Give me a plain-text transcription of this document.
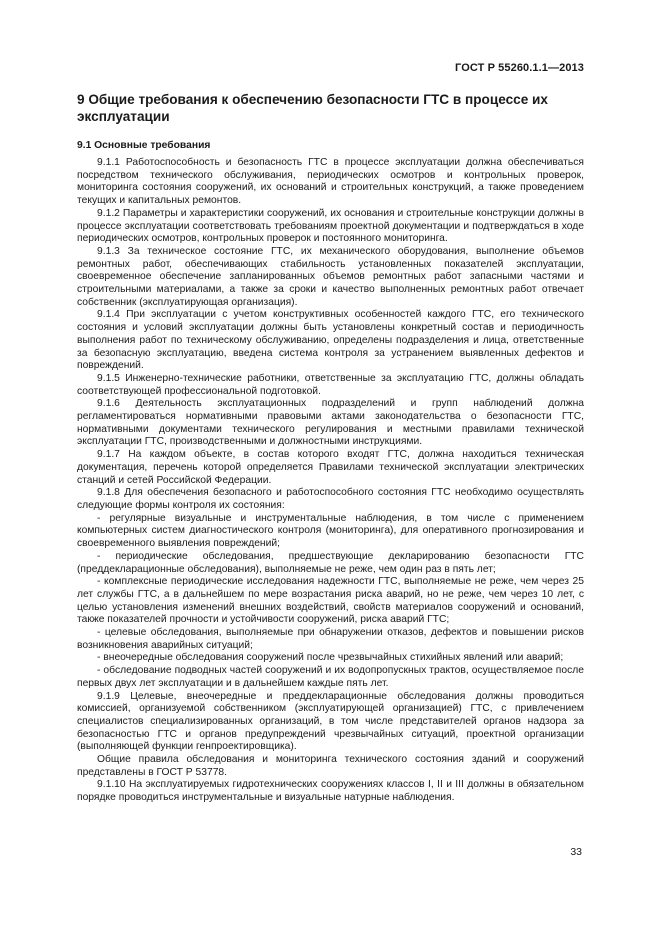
ГОСТ Р 55260.1.1—2013
9 Общие требования к обеспечению безопасности ГТС в процессе их эксплуатации
9.1 Основные требования

9.1.1 Работоспособность и безопасность ГТС в процессе эксплуатации должна обеспечиваться посредством технического обслуживания, периодических осмотров и контрольных проверок, мониторинга состояния сооружений, их оснований и строительных конструкций, а также проведением текущих и капитальных ремонтов.

9.1.2 Параметры и характеристики сооружений, их основания и строительные конструкции должны в процессе эксплуатации соответствовать требованиям проектной документации и подтверждаться в ходе периодических осмотров, контрольных проверок и постоянного мониторинга.

9.1.3 За техническое состояние ГТС, их механического оборудования, выполнение объемов ремонтных работ, обеспечивающих стабильность установленных показателей эксплуатации, своевременное обеспечение запланированных объемов ремонтных работ запасными частями и строительными материалами, а также за сроки и качество выполненных ремонтных работ отвечает собственник (эксплуатирующая организация).

9.1.4 При эксплуатации с учетом конструктивных особенностей каждого ГТС, его технического состояния и условий эксплуатации должны быть установлены конкретный состав и периодичность выполнения работ по техническому обслуживанию, определены подразделения и лица, ответственные за безопасную эксплуатацию, введена система контроля за устранением выявленных дефектов и повреждений.

9.1.5 Инженерно-технические работники, ответственные за эксплуатацию ГТС, должны обладать соответствующей профессиональной подготовкой.

9.1.6 Деятельность эксплуатационных подразделений и групп наблюдений должна регламентироваться нормативными правовыми актами законодательства о безопасности ГТС, нормативными документами технического регулирования и местными правилами технической эксплуатации ГТС, производственными и должностными инструкциями.

9.1.7 На каждом объекте, в состав которого входят ГТС, должна находиться техническая документация, перечень которой определяется Правилами технической эксплуатации электрических станций и сетей Российской Федерации.

9.1.8 Для обеспечения безопасного и работоспособного состояния ГТС необходимо осуществлять следующие формы контроля их состояния:

- регулярные визуальные и инструментальные наблюдения, в том числе с применением компьютерных систем диагностического контроля (мониторинга), для оперативного прогнозирования и своевременного выявления повреждений;

- периодические обследования, предшествующие декларированию безопасности ГТС (преддекларационные обследования), выполняемые не реже, чем один раз в пять лет;

- комплексные периодические исследования надежности ГТС, выполняемые не реже, чем через 25 лет службы ГТС, а в дальнейшем по мере возрастания риска аварий, но не реже, чем через 10 лет, с целью установления изменений внешних воздействий, свойств материалов сооружений и оснований, также показателей прочности и устойчивости сооружений, риска аварий ГТС;

- целевые обследования, выполняемые при обнаружении отказов, дефектов и повышении рисков возникновения аварийных ситуаций;

- внеочередные обследования сооружений после чрезвычайных стихийных явлений или аварий;

- обследование подводных частей сооружений и их водопропускных трактов, осуществляемое после первых двух лет эксплуатации и в дальнейшем каждые пять лет.

9.1.9 Целевые, внеочередные и преддекларационные обследования должны проводиться комиссией, организуемой собственником (эксплуатирующей организацией) ГТС, с привлечением специалистов специализированных организаций, в том числе представителей органов надзора за безопасностью ГТС и органов предупреждений чрезвычайных ситуаций, проектной организации (выполняющей функции генпроектировщика).

Общие правила обследования и мониторинга технического состояния зданий и сооружений представлены в ГОСТ Р 53778.

9.1.10 На эксплуатируемых гидротехнических сооружениях классов I, II и III должны в обязательном порядке проводиться инструментальные и визуальные натурные наблюдения.

33
